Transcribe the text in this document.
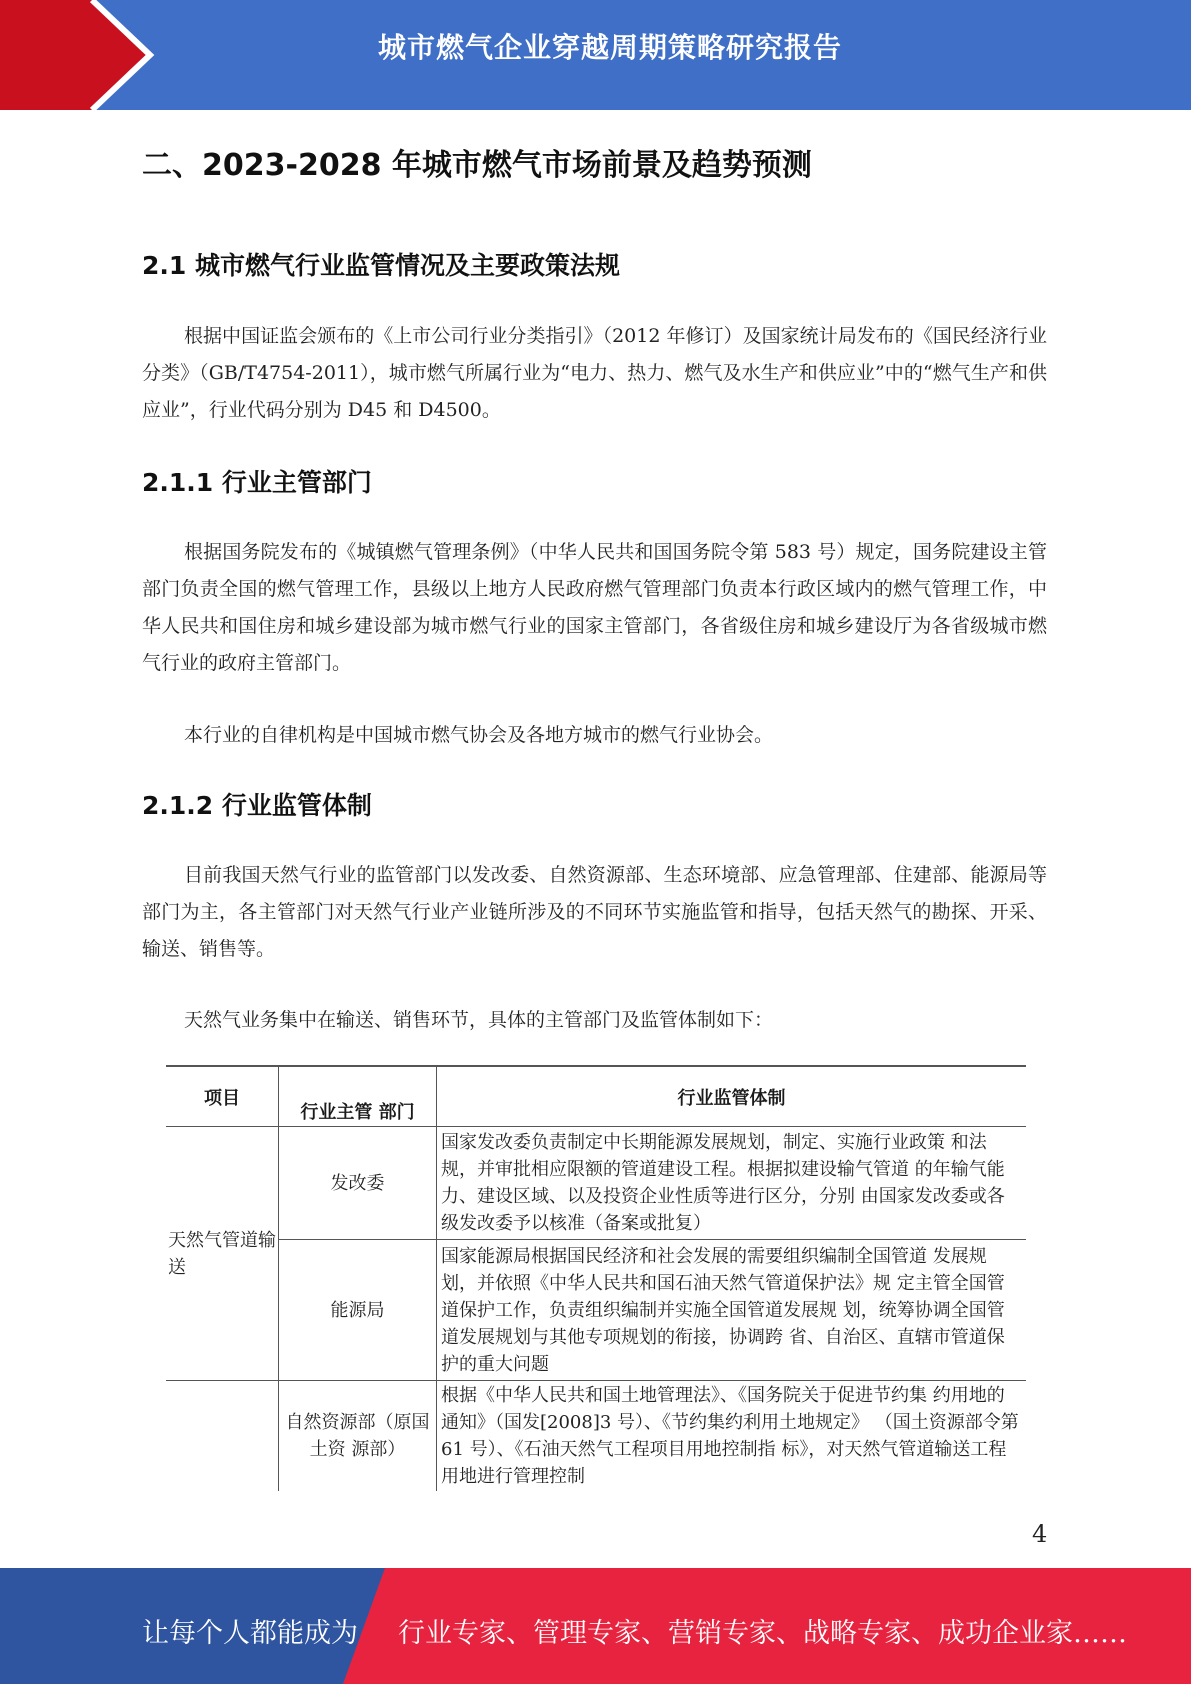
城市燃气企业穿越周期策略研究报告
二、2023-2028 年城市燃气市场前景及趋势预测
2.1 城市燃气行业监管情况及主要政策法规
根据中国证监会颁布的《上市公司行业分类指引》（2012 年修订）及国家统计局发布的《国民经济行业分类》（GB/T4754-2011），城市燃气所属行业为“电力、热力、燃气及水生产和供应业”中的“燃气生产和供应业”，行业代码分别为 D45 和 D4500。
2.1.1 行业主管部门
根据国务院发布的《城镇燃气管理条例》（中华人民共和国国务院令第 583 号）规定，国务院建设主管部门负责全国的燃气管理工作，县级以上地方人民政府燃气管理部门负责本行政区域内的燃气管理工作，中华人民共和国住房和城乡建设部为城市燃气行业的国家主管部门，各省级住房和城乡建设厅为各省级城市燃气行业的政府主管部门。
本行业的自律机构是中国城市燃气协会及各地方城市的燃气行业协会。
2.1.2 行业监管体制
目前我国天然气行业的监管部门以发改委、自然资源部、生态环境部、应急管理部、住建部、能源局等部门为主，各主管部门对天然气行业产业链所涉及的不同环节实施监管和指导，包括天然气的勘探、开采、输送、销售等。
天然气业务集中在输送、销售环节，具体的主管部门及监管体制如下：
项目	行业主管 部门	行业监管体制
天然气管道输送	发改委	国家发改委负责制定中长期能源发展规划，制定、实施行业政策 和法规，并审批相应限额的管道建设工程。根据拟建设输气管道 的年输气能力、建设区域、以及投资企业性质等进行区分，分别 由国家发改委或各级发改委予以核准（备案或批复）
	能源局	国家能源局根据国民经济和社会发展的需要组织编制全国管道 发展规划，并依照《中华人民共和国石油天然气管道保护法》规 定主管全国管道保护工作，负责组织编制并实施全国管道发展规 划，统筹协调全国管道发展规划与其他专项规划的衔接，协调跨 省、自治区、直辖市管道保护的重大问题
	自然资源部（原国土资 源部）	根据《中华人民共和国土地管理法》、《国务院关于促进节约集 约用地的通知》（国发[2008]3 号）、《节约集约利用土地规定》 （国土资源部令第 61 号）、《石油天然气工程项目用地控制指 标》，对天然气管道输送工程用地进行管理控制
4
让每个人都能成为 行业专家、管理专家、营销专家、战略专家、成功企业家……
